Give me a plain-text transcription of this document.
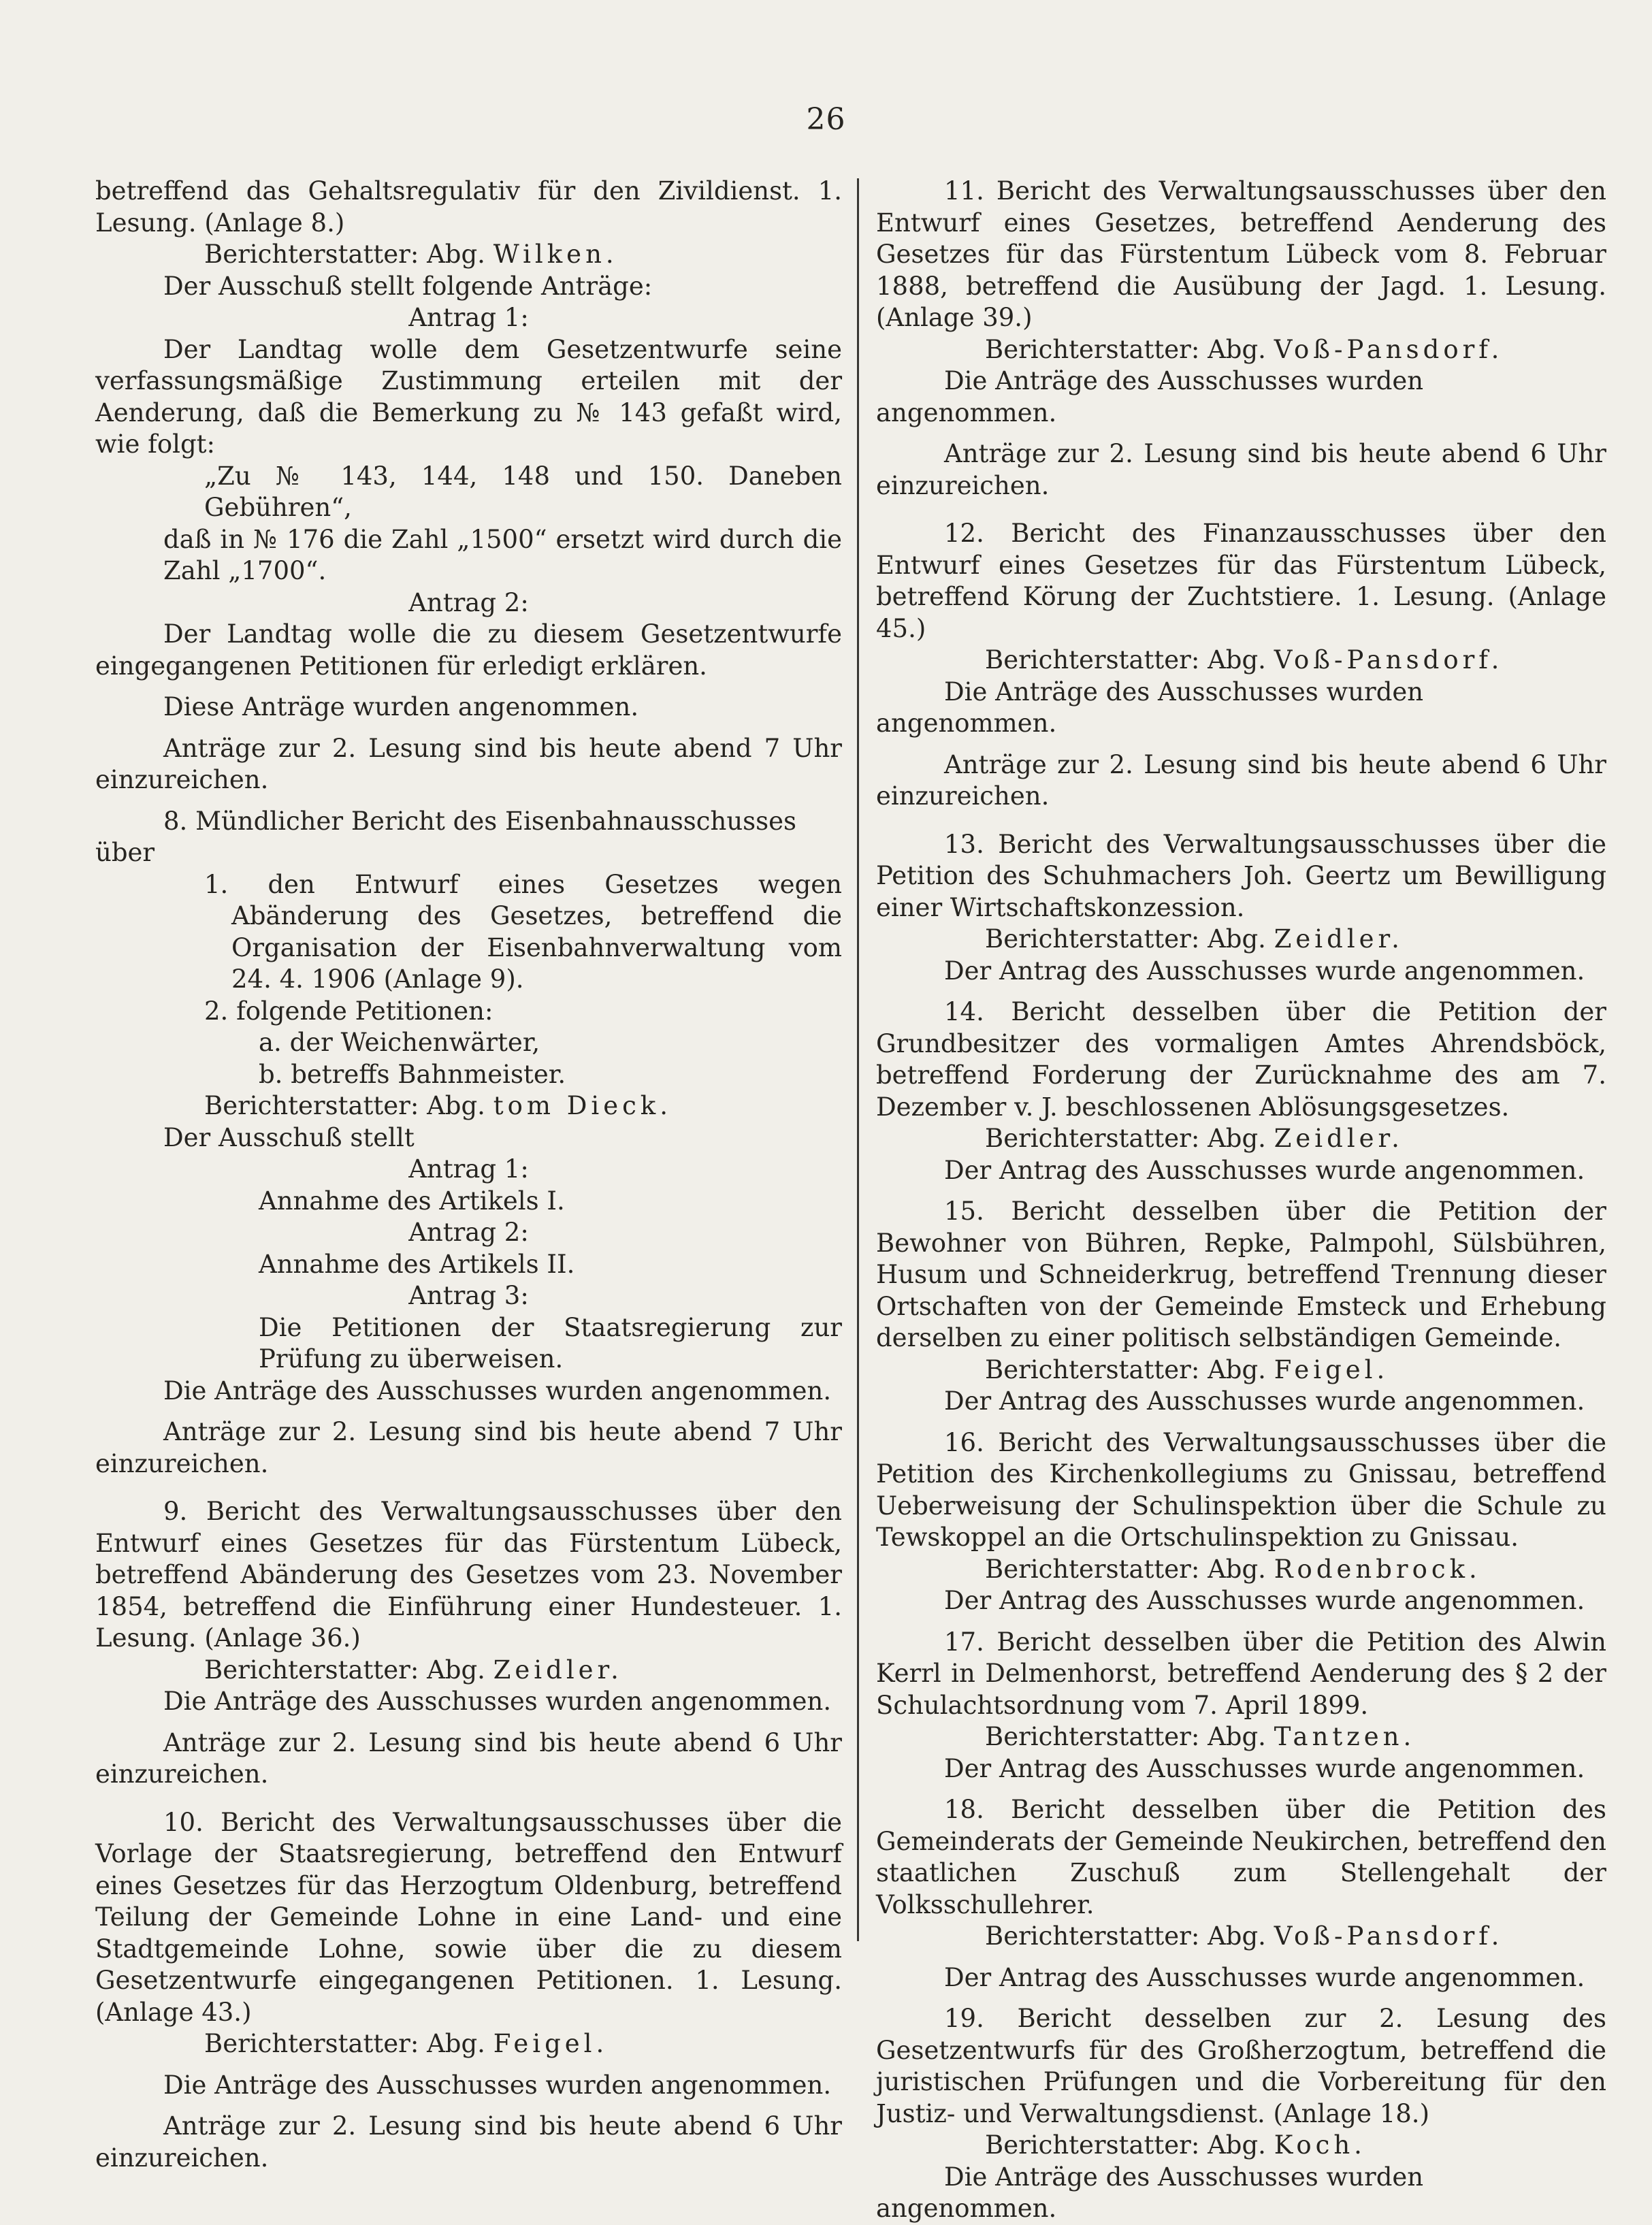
26

betreffend das Gehaltsregulativ für den Zivildienst. 1. Lesung. (Anlage 8.)

Berichterstatter: Abg. Wilken.

Der Ausschuß stellt folgende Anträge:

Antrag 1:

Der Landtag wolle dem Gesetzentwurfe seine verfassungsmäßige Zustimmung erteilen mit der Aenderung, daß die Bemerkung zu № 143 gefaßt wird, wie folgt:

„Zu № 143, 144, 148 und 150. Daneben Gebühren“,

daß in № 176 die Zahl „1500“ ersetzt wird durch die Zahl „1700“.

Antrag 2:

Der Landtag wolle die zu diesem Gesetzentwurfe eingegangenen Petitionen für erledigt erklären.

Diese Anträge wurden angenommen.

Anträge zur 2. Lesung sind bis heute abend 7 Uhr einzureichen.

8. Mündlicher Bericht des Eisenbahnausschusses über

1. den Entwurf eines Gesetzes wegen Abänderung des Gesetzes, betreffend die Organisation der Eisenbahnverwaltung vom 24. 4. 1906 (Anlage 9).

2. folgende Petitionen:

a. der Weichenwärter,

b. betreffs Bahnmeister.

Berichterstatter: Abg. tom Dieck.

Der Ausschuß stellt

Antrag 1:

Annahme des Artikels I.

Antrag 2:

Annahme des Artikels II.

Antrag 3:

Die Petitionen der Staatsregierung zur Prüfung zu überweisen.

Die Anträge des Ausschusses wurden angenommen.

Anträge zur 2. Lesung sind bis heute abend 7 Uhr einzureichen.

9. Bericht des Verwaltungsausschusses über den Entwurf eines Gesetzes für das Fürstentum Lübeck, betreffend Abänderung des Gesetzes vom 23. November 1854, betreffend die Einführung einer Hundesteuer. 1. Lesung. (Anlage 36.)

Berichterstatter: Abg. Zeidler.

Die Anträge des Ausschusses wurden angenommen.

Anträge zur 2. Lesung sind bis heute abend 6 Uhr einzureichen.

10. Bericht des Verwaltungsausschusses über die Vorlage der Staatsregierung, betreffend den Entwurf eines Gesetzes für das Herzogtum Oldenburg, betreffend Teilung der Gemeinde Lohne in eine Land- und eine Stadtgemeinde Lohne, sowie über die zu diesem Gesetzentwurfe eingegangenen Petitionen. 1. Lesung. (Anlage 43.)

Berichterstatter: Abg. Feigel.

Die Anträge des Ausschusses wurden angenommen.

Anträge zur 2. Lesung sind bis heute abend 6 Uhr einzureichen.

11. Bericht des Verwaltungsausschusses über den Entwurf eines Gesetzes, betreffend Aenderung des Gesetzes für das Fürstentum Lübeck vom 8. Februar 1888, betreffend die Ausübung der Jagd. 1. Lesung. (Anlage 39.)

Berichterstatter: Abg. Voß-Pansdorf.

Die Anträge des Ausschusses wurden angenommen.

Anträge zur 2. Lesung sind bis heute abend 6 Uhr einzureichen.

12. Bericht des Finanzausschusses über den Entwurf eines Gesetzes für das Fürstentum Lübeck, betreffend Körung der Zuchtstiere. 1. Lesung. (Anlage 45.)

Berichterstatter: Abg. Voß-Pansdorf.

Die Anträge des Ausschusses wurden angenommen.

Anträge zur 2. Lesung sind bis heute abend 6 Uhr einzureichen.

13. Bericht des Verwaltungsausschusses über die Petition des Schuhmachers Joh. Geertz um Bewilligung einer Wirtschaftskonzession.

Berichterstatter: Abg. Zeidler.

Der Antrag des Ausschusses wurde angenommen.

14. Bericht desselben über die Petition der Grundbesitzer des vormaligen Amtes Ahrendsböck, betreffend Forderung der Zurücknahme des am 7. Dezember v. J. beschlossenen Ablösungsgesetzes.

Berichterstatter: Abg. Zeidler.

Der Antrag des Ausschusses wurde angenommen.

15. Bericht desselben über die Petition der Bewohner von Bühren, Repke, Palmpohl, Sülsbühren, Husum und Schneiderkrug, betreffend Trennung dieser Ortschaften von der Gemeinde Emsteck und Erhebung derselben zu einer politisch selbständigen Gemeinde.

Berichterstatter: Abg. Feigel.

Der Antrag des Ausschusses wurde angenommen.

16. Bericht des Verwaltungsausschusses über die Petition des Kirchenkollegiums zu Gnissau, betreffend Ueberweisung der Schulinspektion über die Schule zu Tewskoppel an die Ortschulinspektion zu Gnissau.

Berichterstatter: Abg. Rodenbrock.

Der Antrag des Ausschusses wurde angenommen.

17. Bericht desselben über die Petition des Alwin Kerrl in Delmenhorst, betreffend Aenderung des § 2 der Schulachtsordnung vom 7. April 1899.

Berichterstatter: Abg. Tantzen.

Der Antrag des Ausschusses wurde angenommen.

18. Bericht desselben über die Petition des Gemeinderats der Gemeinde Neukirchen, betreffend den staatlichen Zuschuß zum Stellengehalt der Volksschullehrer.

Berichterstatter: Abg. Voß-Pansdorf.

Der Antrag des Ausschusses wurde angenommen.

19. Bericht desselben zur 2. Lesung des Gesetzentwurfs für des Großherzogtum, betreffend die juristischen Prüfungen und die Vorbereitung für den Justiz- und Verwaltungsdienst. (Anlage 18.)

Berichterstatter: Abg. Koch.

Die Anträge des Ausschusses wurden angenommen.
